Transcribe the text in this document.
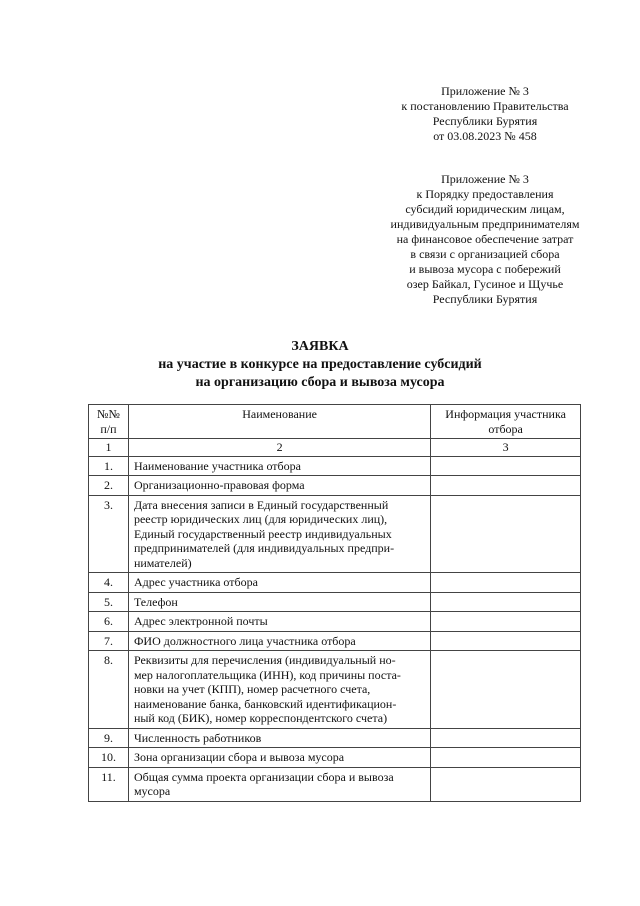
Приложение № 3
к постановлению Правительства
Республики Бурятия
от 03.08.2023 № 458
Приложение № 3
к Порядку предоставления
субсидий юридическим лицам,
индивидуальным предпринимателям
на финансовое обеспечение затрат
в связи с организацией сбора
и вывоза мусора с побережий
озер Байкал, Гусиное и Щучье
Республики Бурятия
ЗАЯВКА
на участие в конкурсе на предоставление субсидий
на организацию сбора и вывоза мусора
№№ п/п	Наименование	Информация участника отбора
1	2	3
1.	Наименование участника отбора	
2.	Организационно-правовая форма	
3.	Дата внесения записи в Единый государственный
реестр юридических лиц (для юридических лиц),
Единый государственный реестр индивидуальных
предпринимателей (для индивидуальных предпри-
нимателей)	
4.	Адрес участника отбора	
5.	Телефон	
6.	Адрес электронной почты	
7.	ФИО должностного лица участника отбора	
8.	Реквизиты для перечисления (индивидуальный но-
мер налогоплательщика (ИНН), код причины поста-
новки на учет (КПП), номер расчетного счета,
наименование банка, банковский идентификацион-
ный код (БИК), номер корреспондентского счета)	
9.	Численность работников	
10.	Зона организации сбора и вывоза мусора	
11.	Общая сумма проекта организации сбора и вывоза
мусора	
